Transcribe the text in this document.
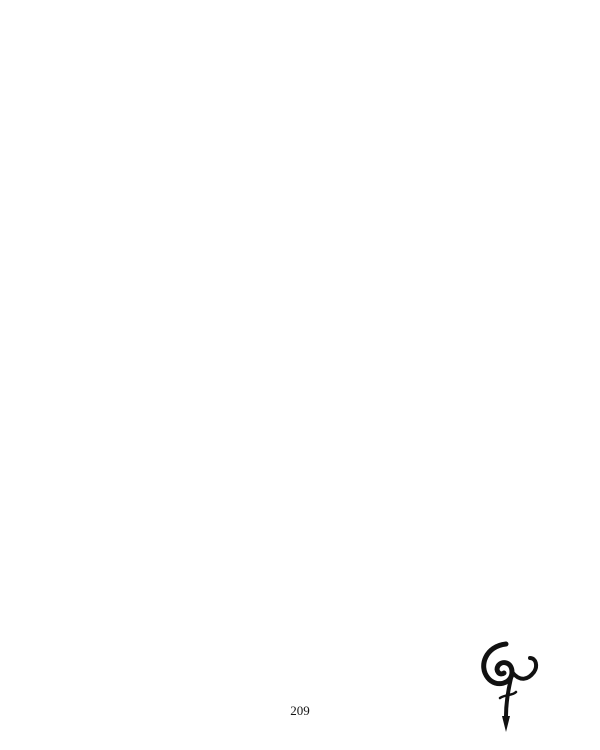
209
